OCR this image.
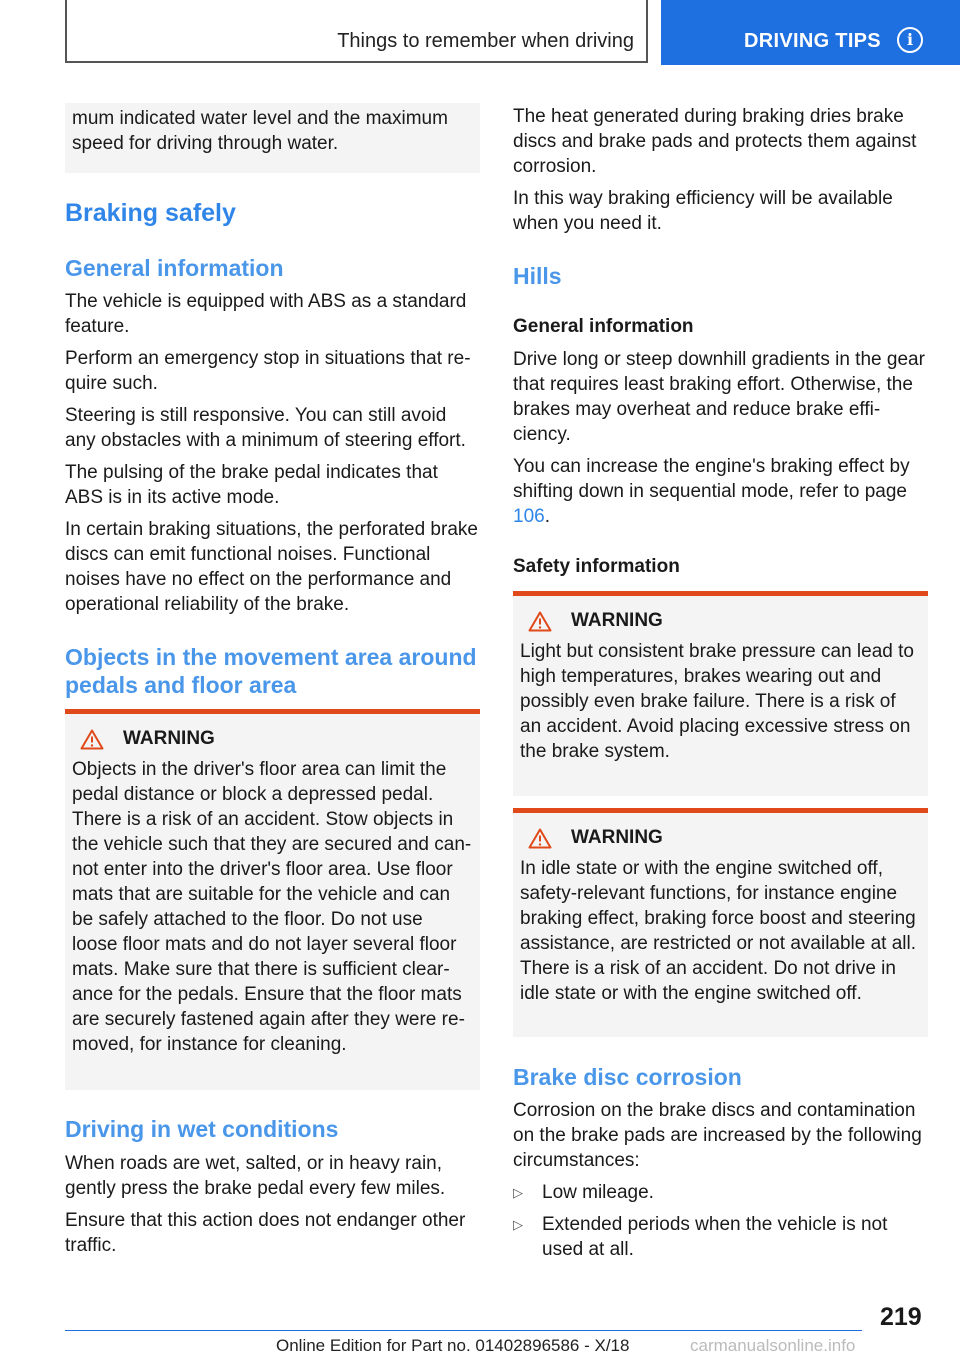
Things to remember when driving	DRIVING TIPS	i

mum indicated water level and the maximum speed for driving through water.

Braking safely
General information

The vehicle is equipped with ABS as a standard feature.

Perform an emergency stop in situations that require such.

Steering is still responsive. You can still avoid any obstacles with a minimum of steering effort.

The pulsing of the brake pedal indicates that ABS is in its active mode.

In certain braking situations, the perforated brake discs can emit functional noises. Functional noises have no effect on the performance and operational reliability of the brake.

Objects in the movement area around pedals and floor area
WARNING

Objects in the driver's floor area can limit the pedal distance or block a depressed pedal. There is a risk of an accident. Stow objects in the vehicle such that they are secured and cannot enter into the driver's floor area. Use floor mats that are suitable for the vehicle and can be safely attached to the floor. Do not use loose floor mats and do not layer several floor mats. Make sure that there is sufficient clearance for the pedals. Ensure that the floor mats are securely fastened again after they were removed, for instance for cleaning.

Driving in wet conditions

When roads are wet, salted, or in heavy rain, gently press the brake pedal every few miles.

Ensure that this action does not endanger other traffic.

The heat generated during braking dries brake discs and brake pads and protects them against corrosion.

In this way braking efficiency will be available when you need it.

Hills
General information

Drive long or steep downhill gradients in the gear that requires least braking effort. Otherwise, the brakes may overheat and reduce brake efficiency.

You can increase the engine's braking effect by shifting down in sequential mode, refer to page 106.

Safety information
WARNING

Light but consistent brake pressure can lead to high temperatures, brakes wearing out and possibly even brake failure. There is a risk of an accident. Avoid placing excessive stress on the brake system.

WARNING

In idle state or with the engine switched off, safety-relevant functions, for instance engine braking effect, braking force boost and steering assistance, are restricted or not available at all. There is a risk of an accident. Do not drive in idle state or with the engine switched off.

Brake disc corrosion

Corrosion on the brake discs and contamination on the brake pads are increased by the following circumstances:

▷ Low mileage.
▷ Extended periods when the vehicle is not used at all.
219
Online Edition for Part no. 01402896586 - X/18	carmanualsonline.info
